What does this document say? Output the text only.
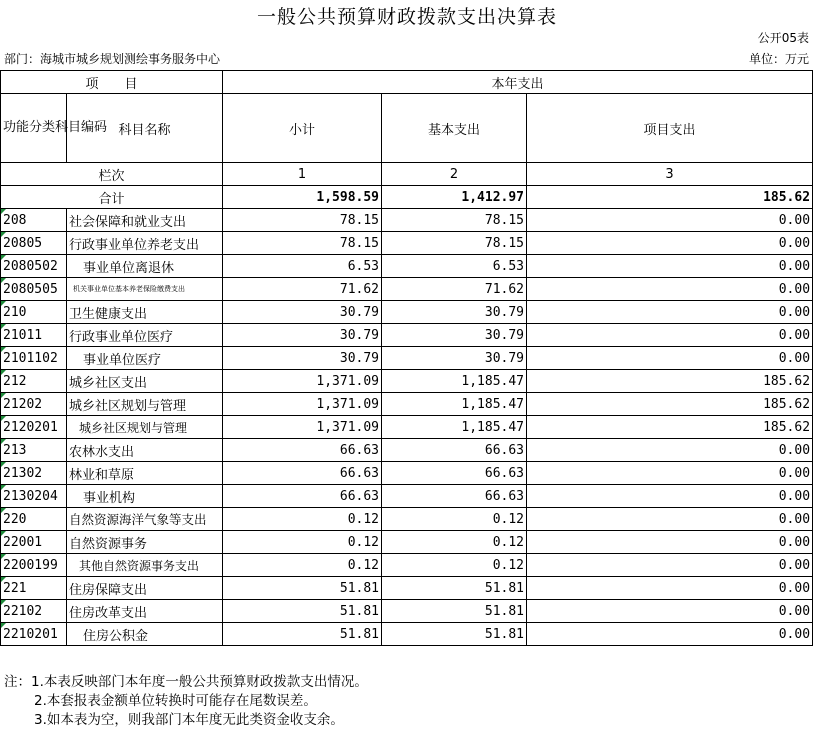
一般公共预算财政拨款支出决算表
公开05表
部门：海城市城乡规划测绘事务服务中心	单位：万元
项　　目		本年支出		
功能分类科目编码	科目名称	小计	基本支出	项目支出
栏次		1	2	3
合计		1,598.59	1,412.97	185.62
208	社会保障和就业支出	78.15	78.15	0.00
20805	行政事业单位养老支出	78.15	78.15	0.00
2080502	事业单位离退休	6.53	6.53	0.00
2080505	机关事业单位基本养老保险缴费支出	71.62	71.62	0.00
210	卫生健康支出	30.79	30.79	0.00
21011	行政事业单位医疗	30.79	30.79	0.00
2101102	事业单位医疗	30.79	30.79	0.00
212	城乡社区支出	1,371.09	1,185.47	185.62
21202	城乡社区规划与管理	1,371.09	1,185.47	185.62
2120201	城乡社区规划与管理	1,371.09	1,185.47	185.62
213	农林水支出	66.63	66.63	0.00
21302	林业和草原	66.63	66.63	0.00
2130204	事业机构	66.63	66.63	0.00
220	自然资源海洋气象等支出	0.12	0.12	0.00
22001	自然资源事务	0.12	0.12	0.00
2200199	其他自然资源事务支出	0.12	0.12	0.00
221	住房保障支出	51.81	51.81	0.00
22102	住房改革支出	51.81	51.81	0.00
2210201	住房公积金	51.81	51.81	0.00
注：1.本表反映部门本年度一般公共预算财政拨款支出情况。
2.本套报表金额单位转换时可能存在尾数误差。
3.如本表为空，则我部门本年度无此类资金收支余。
